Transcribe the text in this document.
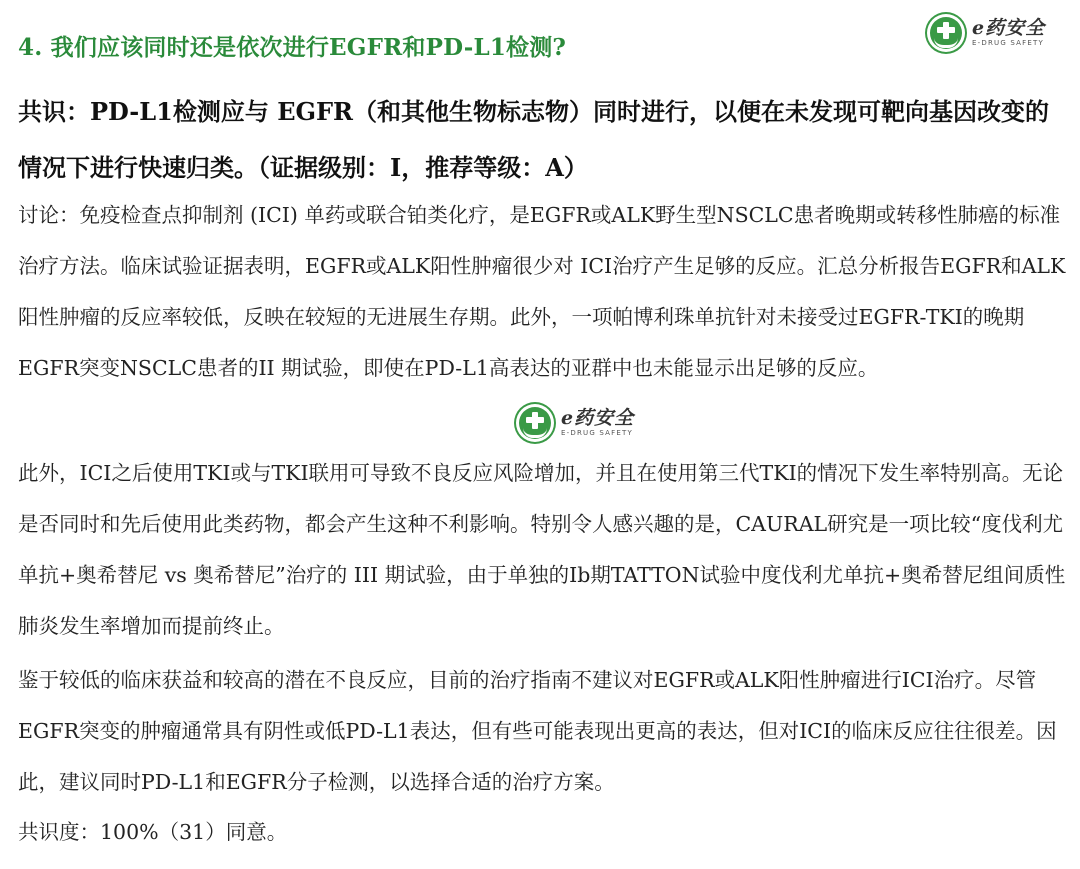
4. 我们应该同时还是依次进行EGFR和PD-L1检测?
共识：PD-L1检测应与 EGFR（和其他生物标志物）同时进行，以便在未发现可靶向基因改变的情况下进行快速归类。（证据级别：I，推荐等级：A）
讨论：免疫检查点抑制剂 (ICI) 单药或联合铂类化疗，是EGFR或ALK野生型NSCLC患者晚期或转移性肺癌的标准治疗方法。临床试验证据表明，EGFR或ALK阳性肿瘤很少对 ICI治疗产生足够的反应。汇总分析报告EGFR和ALK阳性肿瘤的反应率较低，反映在较短的无进展生存期。此外，一项帕博利珠单抗针对未接受过EGFR-TKI的晚期EGFR突变NSCLC患者的II 期试验，即使在PD-L1高表达的亚群中也未能显示出足够的反应。
此外，ICI之后使用TKI或与TKI联用可导致不良反应风险增加，并且在使用第三代TKI的情况下发生率特别高。无论是否同时和先后使用此类药物，都会产生这种不利影响。特别令人感兴趣的是，CAURAL研究是一项比较“度伐利尤单抗+奥希替尼 vs 奥希替尼”治疗的 III 期试验，由于单独的Ib期TATTON试验中度伐利尤单抗+奥希替尼组间质性肺炎发生率增加而提前终止。
鉴于较低的临床获益和较高的潜在不良反应，目前的治疗指南不建议对EGFR或ALK阳性肿瘤进行ICI治疗。尽管EGFR突变的肿瘤通常具有阴性或低PD-L1表达，但有些可能表现出更高的表达，但对ICI的临床反应往往很差。因此，建议同时PD-L1和EGFR分子检测，以选择合适的治疗方案。
共识度：100%（31）同意。
e药安全
E-DRUG SAFETY
e药安全
E-DRUG SAFETY
